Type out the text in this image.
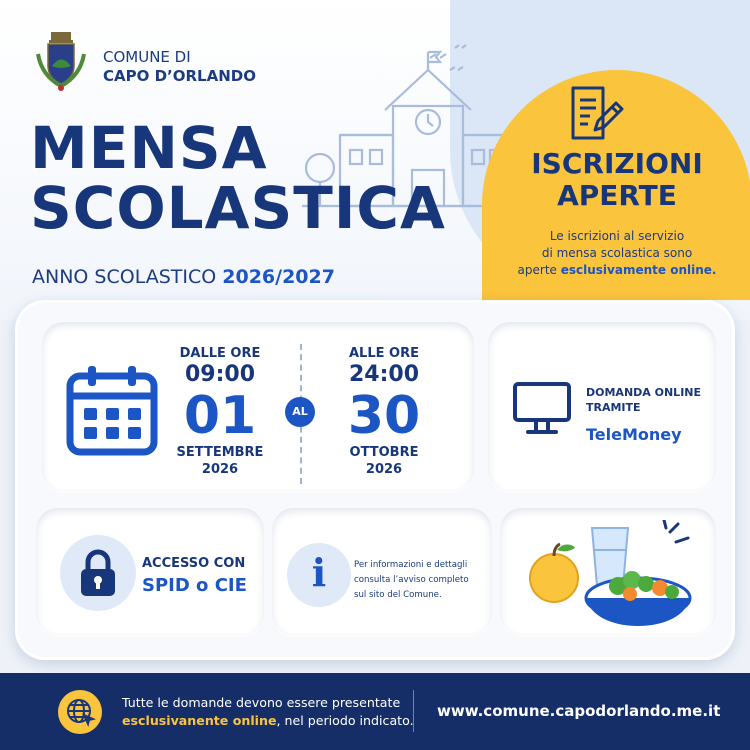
COMUNE DI
CAPO D’ORLANDO
MENSA
SCOLASTICA
ANNO SCOLASTICO 2026/2027
ISCRIZIONI
APERTE
Le iscrizioni al servizio
di mensa scolastica sono
aperte esclusivamente online.
DALLE ORE
09:00
01
SETTEMBRE
2026
AL
ALLE ORE
24:00
30
OTTOBRE
2026
DOMANDA ONLINE
TRAMITE
TeleMoney
ACCESSO CON
SPID o CIE	i	Per informazioni e dettagli
consulta l’avviso completo
sul sito del Comune.
Tutte le domande devono essere presentate
esclusivanente online, nel periodo indicato.
www.comune.capodorlando.me.it
